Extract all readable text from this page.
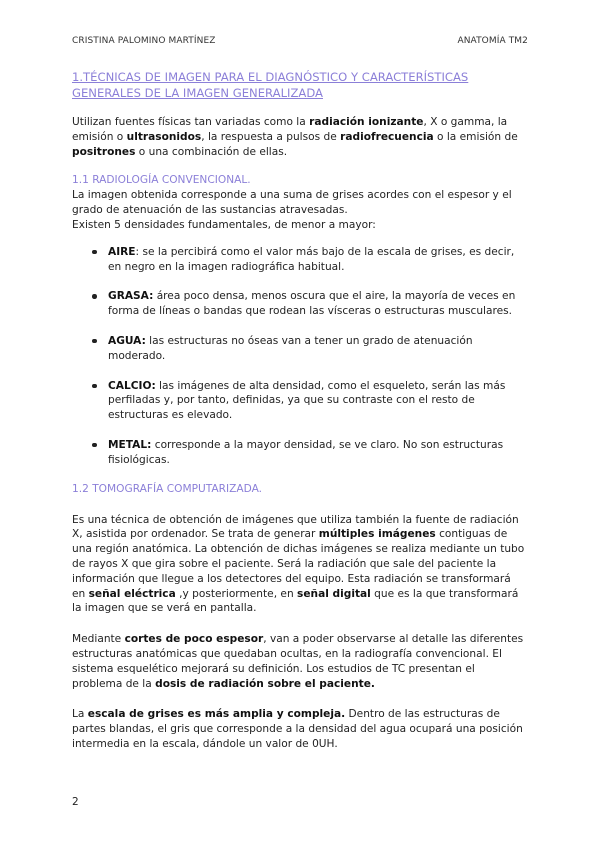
CRISTINA PALOMINO MARTÍNEZ	ANATOMÍA TM2
1.TÉCNICAS DE IMAGEN PARA EL DIAGNÓSTICO Y CARACTERÍSTICAS GENERALES DE LA IMAGEN GENERALIZADA

Utilizan fuentes físicas tan variadas como la radiación ionizante, X o gamma, la emisión o ultrasonidos, la respuesta a pulsos de radiofrecuencia o la emisión de positrones o una combinación de ellas.

1.1 RADIOLOGÍA CONVENCIONAL.

La imagen obtenida corresponde a una suma de grises acordes con el espesor y el grado de atenuación de las sustancias atravesadas.

Existen 5 densidades fundamentales, de menor a mayor:

AIRE: se la percibirá como el valor más bajo de la escala de grises, es decir, en negro en la imagen radiográfica habitual.
GRASA: área poco densa, menos oscura que el aire, la mayoría de veces en forma de líneas o bandas que rodean las vísceras o estructuras musculares.
AGUA: las estructuras no óseas van a tener un grado de atenuación moderado.
CALCIO: las imágenes de alta densidad, como el esqueleto, serán las más perfiladas y, por tanto, definidas, ya que su contraste con el resto de estructuras es elevado.
METAL: corresponde a la mayor densidad, se ve claro. No son estructuras fisiológicas.
1.2 TOMOGRAFÍA COMPUTARIZADA.

Es una técnica de obtención de imágenes que utiliza también la fuente de radiación X, asistida por ordenador. Se trata de generar múltiples imágenes contiguas de una región anatómica. La obtención de dichas imágenes se realiza mediante un tubo de rayos X que gira sobre el paciente. Será la radiación que sale del paciente la información que llegue a los detectores del equipo. Esta radiación se transformará en señal eléctrica ,y posteriormente, en señal digital que es la que transformará la imagen que se verá en pantalla.

Mediante cortes de poco espesor, van a poder observarse al detalle las diferentes estructuras anatómicas que quedaban ocultas, en la radiografía convencional. El sistema esquelético mejorará su definición. Los estudios de TC presentan el problema de la dosis de radiación sobre el paciente.

La escala de grises es más amplia y compleja. Dentro de las estructuras de partes blandas, el gris que corresponde a la densidad del agua ocupará una posición intermedia en la escala, dándole un valor de 0UH.

2
